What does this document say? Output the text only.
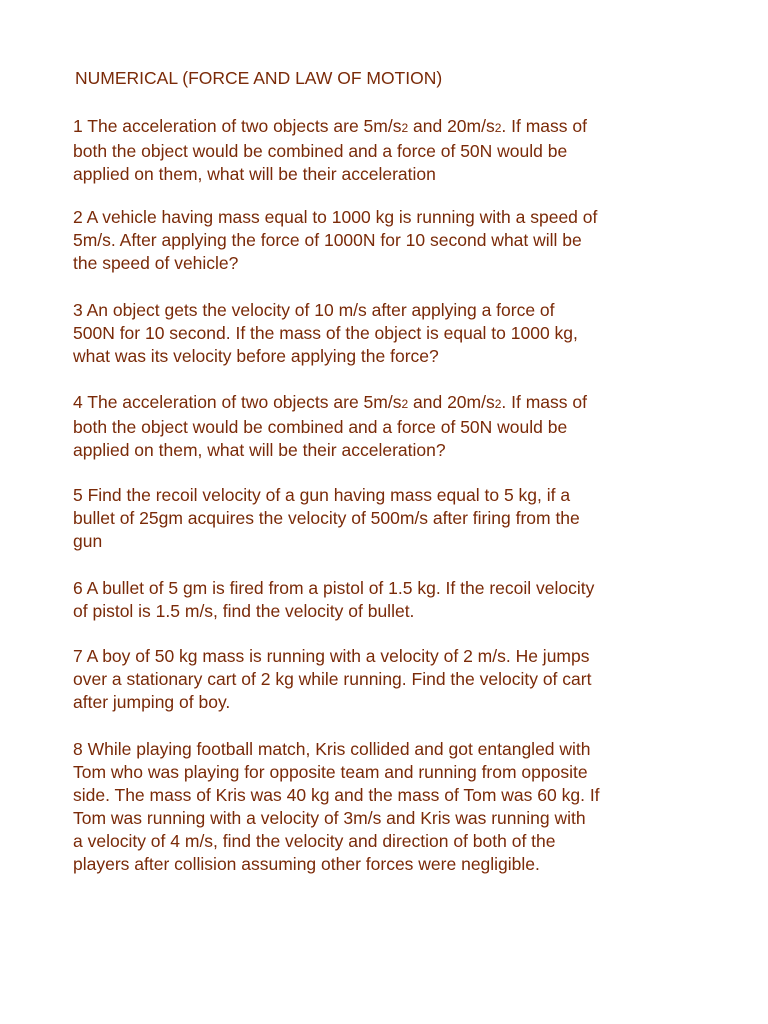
NUMERICAL (FORCE AND LAW OF MOTION)
1 The acceleration of two objects are 5m/s2 and 20m/s2. If mass of
both the object would be combined and a force of 50N would be
applied on them, what will be their acceleration
2 A vehicle having mass equal to 1000 kg is running with a speed of
5m/s. After applying the force of 1000N for 10 second what will be
the speed of vehicle?
3 An object gets the velocity of 10 m/s after applying a force of
500N for 10 second. If the mass of the object is equal to 1000 kg,
what was its velocity before applying the force?
4 The acceleration of two objects are 5m/s2 and 20m/s2. If mass of
both the object would be combined and a force of 50N would be
applied on them, what will be their acceleration?
5 Find the recoil velocity of a gun having mass equal to 5 kg, if a
bullet of 25gm acquires the velocity of 500m/s after firing from the
gun
6 A bullet of 5 gm is fired from a pistol of 1.5 kg. If the recoil velocity
of pistol is 1.5 m/s, find the velocity of bullet.
7 A boy of 50 kg mass is running with a velocity of 2 m/s. He jumps
over a stationary cart of 2 kg while running. Find the velocity of cart
after jumping of boy.
8 While playing football match, Kris collided and got entangled with
Tom who was playing for opposite team and running from opposite
side. The mass of Kris was 40 kg and the mass of Tom was 60 kg. If
Tom was running with a velocity of 3m/s and Kris was running with
a velocity of 4 m/s, find the velocity and direction of both of the
players after collision assuming other forces were negligible.
